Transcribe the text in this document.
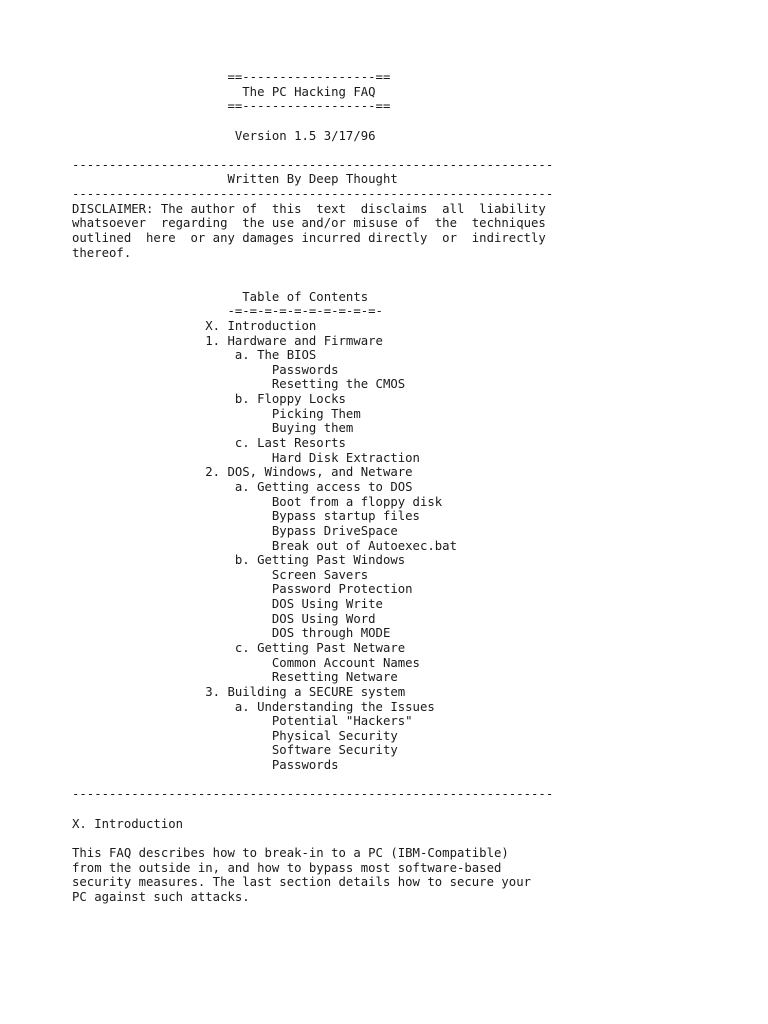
==------------------==
The PC Hacking FAQ
==------------------==

Version 1.5 3/17/96

-----------------------------------------------------------------
Written By Deep Thought
-----------------------------------------------------------------
DISCLAIMER: The author of  this  text  disclaims  all  liability
whatsoever  regarding  the use and/or misuse of  the  techniques
outlined  here  or any damages incurred directly  or  indirectly
thereof.

Table of Contents
-=-=-=-=-=-=-=-=-=-=-
X. Introduction
1. Hardware and Firmware
a. The BIOS
Passwords
Resetting the CMOS
b. Floppy Locks
Picking Them
Buying them
c. Last Resorts
Hard Disk Extraction
2. DOS, Windows, and Netware
a. Getting access to DOS
Boot from a floppy disk
Bypass startup files
Bypass DriveSpace
Break out of Autoexec.bat
b. Getting Past Windows
Screen Savers
Password Protection
DOS Using Write
DOS Using Word
DOS through MODE
c. Getting Past Netware
Common Account Names
Resetting Netware
3. Building a SECURE system
a. Understanding the Issues
Potential "Hackers"
Physical Security
Software Security
Passwords

-----------------------------------------------------------------

X. Introduction

This FAQ describes how to break-in to a PC (IBM-Compatible)
from the outside in, and how to bypass most software-based
security measures. The last section details how to secure your
PC against such attacks.
